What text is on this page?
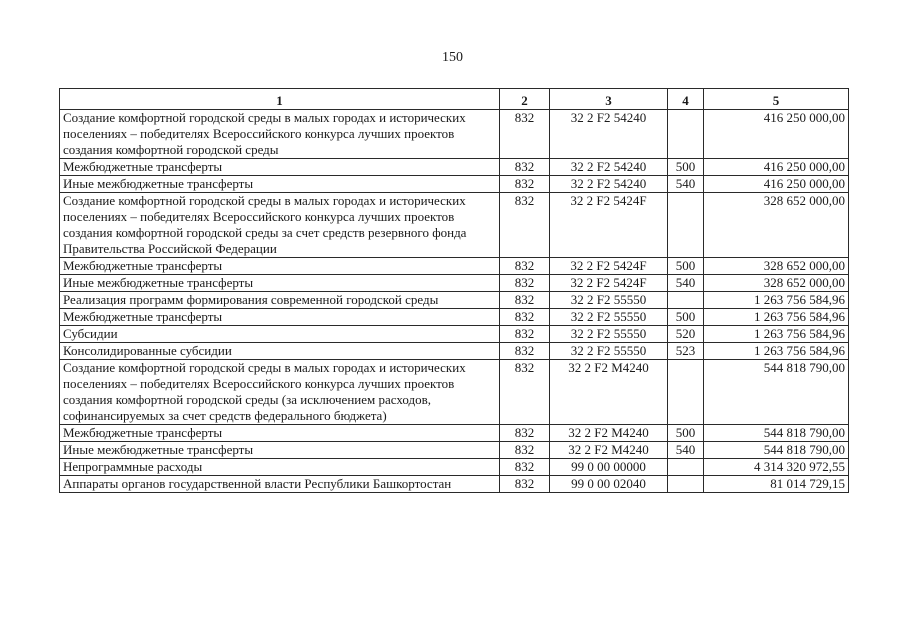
150
1	2	3	4	5
Создание комфортной городской среды в малых городах и исторических поселениях – победителях Всероссийского конкурса лучших проектов создания комфортной городской среды	832	32 2 F2 54240		416 250 000,00
Межбюджетные трансферты	832	32 2 F2 54240	500	416 250 000,00
Иные межбюджетные трансферты	832	32 2 F2 54240	540	416 250 000,00
Создание комфортной городской среды в малых городах и исторических поселениях – победителях Всероссийского конкурса лучших проектов создания комфортной городской среды за счет средств резервного фонда Правительства Российской Федерации	832	32 2 F2 5424F		328 652 000,00
Межбюджетные трансферты	832	32 2 F2 5424F	500	328 652 000,00
Иные межбюджетные трансферты	832	32 2 F2 5424F	540	328 652 000,00
Реализация программ формирования современной городской среды	832	32 2 F2 55550		1 263 756 584,96
Межбюджетные трансферты	832	32 2 F2 55550	500	1 263 756 584,96
Субсидии	832	32 2 F2 55550	520	1 263 756 584,96
Консолидированные субсидии	832	32 2 F2 55550	523	1 263 756 584,96
Создание комфортной городской среды в малых городах и исторических поселениях – победителях Всероссийского конкурса лучших проектов создания комфортной городской среды (за исключением расходов, софинансируемых за счет средств федерального бюджета)	832	32 2 F2 M4240		544 818 790,00
Межбюджетные трансферты	832	32 2 F2 M4240	500	544 818 790,00
Иные межбюджетные трансферты	832	32 2 F2 M4240	540	544 818 790,00
Непрограммные расходы	832	99 0 00 00000		4 314 320 972,55
Аппараты органов государственной власти Республики Башкортостан	832	99 0 00 02040		81 014 729,15
